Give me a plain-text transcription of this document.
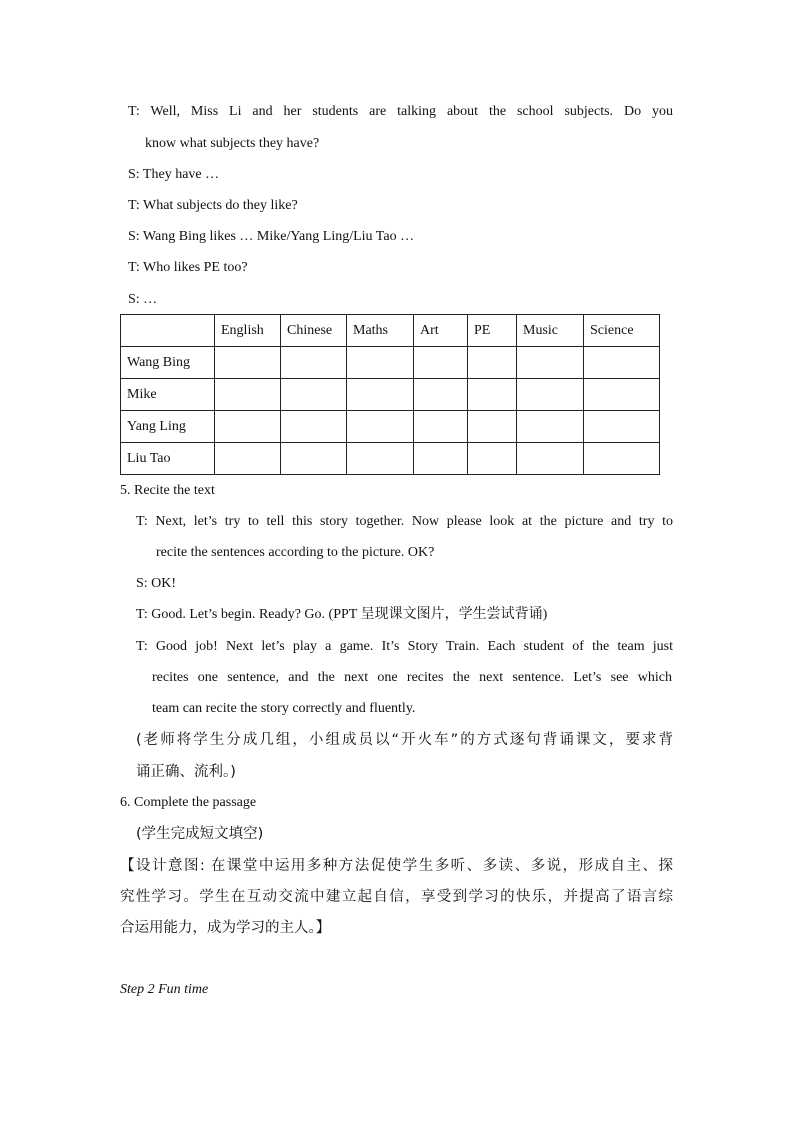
T: Well, Miss Li and her students are talking about the school subjects. Do you
know what subjects they have?
S: They have …
T: What subjects do they like?
S: Wang Bing likes … Mike/Yang Ling/Liu Tao …
T: Who likes PE too?
S: …
	English	Chinese	Maths	Art	PE	Music	Science
Wang Bing							
Mike							
Yang Ling							
Liu Tao							
5. Recite the text
T: Next, let’s try to tell this story together. Now please look at the picture and try to
recite the sentences according to the picture. OK?
S: OK!
T: Good. Let’s begin. Ready? Go. (PPT 呈现课文图片，学生尝试背诵)
T: Good job! Next let’s play a game. It’s Story Train. Each student of the team just
recites one sentence, and the next one recites the next sentence. Let’s see which
team can recite the story correctly and fluently.
(老师将学生分成几组，小组成员以“开火车”的方式逐句背诵课文，要求背
诵正确、流利。)
6. Complete the passage
(学生完成短文填空)
【设计意图: 在课堂中运用多种方法促使学生多听、多读、多说，形成自主、探
究性学习。学生在互动交流中建立起自信，享受到学习的快乐，并提高了语言综
合运用能力，成为学习的主人。】
Step 2 Fun time
